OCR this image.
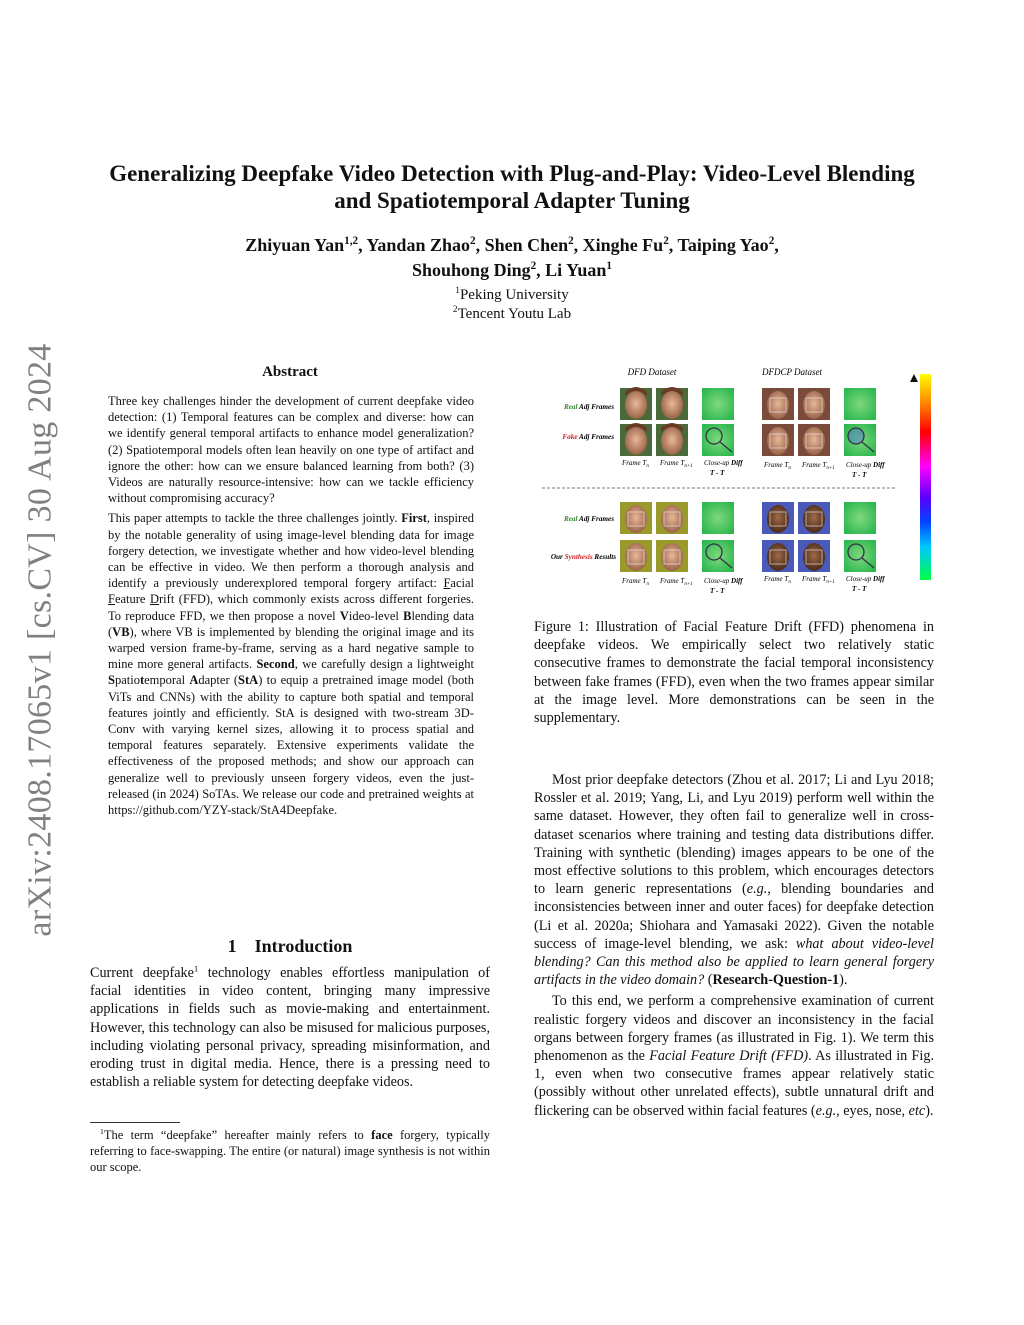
arXiv:2408.17065v1 [cs.CV] 30 Aug 2024
Generalizing Deepfake Video Detection with Plug-and-Play: Video-Level Blending
and Spatiotemporal Adapter Tuning
Zhiyuan Yan$^{1,2}$, Yandan Zhao$^2$, Shen Chen$^2$, Xinghe Fu$^2$, Taiping Yao$^2$,
Shouhong Ding$^2$, Li Yuan$^1$
$^1$Peking University
$^2$Tencent Youtu Lab
Abstract

Three key challenges hinder the development of current deepfake video detection: (1) Temporal features can be complex and diverse: how can we identify general temporal artifacts to enhance model generalization? (2) Spatiotemporal models often lean heavily on one type of artifact and ignore the other: how can we ensure balanced learning from both? (3) Videos are naturally resource-intensive: how can we tackle efficiency without compromising accuracy?

This paper attempts to tackle the three challenges jointly. First, inspired by the notable generality of using image-level blending data for image forgery detection, we investigate whether and how video-level blending can be effective in video. We then perform a thorough analysis and identify a previously underexplored temporal forgery artifact: Facial Feature Drift (FFD), which commonly exists across different forgeries. To reproduce FFD, we then propose a novel Video-level Blending data (VB), where VB is implemented by blending the original image and its warped version frame-by-frame, serving as a hard negative sample to mine more general artifacts. Second, we carefully design a lightweight Spatiotemporal Adapter (StA) to equip a pretrained image model (both ViTs and CNNs) with the ability to capture both spatial and temporal features jointly and efficiently. StA is designed with two-stream 3D-Conv with varying kernel sizes, allowing it to process spatial and temporal features separately. Extensive experiments validate the effectiveness of the proposed methods; and show our approach can generalize well to previously unseen forgery videos, even the just-released (in 2024) SoTAs. We release our code and pretrained weights at https://github.com/YZY-stack/StA4Deepfake.

1    Introduction

Current deepfake$^1$ technology enables effortless manipulation of facial identities in video content, bringing many impressive applications in fields such as movie-making and entertainment. However, this technology can also be misused for malicious purposes, including violating personal privacy, spreading misinformation, and eroding trust in digital media. Hence, there is a pressing need to establish a reliable system for detecting deepfake videos.

$^1$The term “deepfake” hereafter mainly refers to face forgery, typically referring to face-swapping. The entire (or natural) image synthesis is not within our scope.

DFD Dataset	DFDCP Dataset
Real Adj Frames
Fake Adj Frames
Real Adj Frames
Our Synthesis Results
Frame $T_n$ Frame $T_{n+1}$ Close-up Diff
T - T
Frame $T_n$ Frame $T_{n+1}$ Close-up Diff
T - T
Frame $T_n$ Frame $T_{n+1}$ Close-up Diff
T - T
Frame $T_n$ Frame $T_{n+1}$ Close-up Diff
T - T

Figure 1: Illustration of Facial Feature Drift (FFD) phenomena in deepfake videos. We empirically select two relatively static consecutive frames to demonstrate the facial temporal inconsistency between fake frames (FFD), even when the two frames appear similar at the image level. More demonstrations can be seen in the supplementary.

Most prior deepfake detectors (Zhou et al. 2017; Li and Lyu 2018; Rossler et al. 2019; Yang, Li, and Lyu 2019) perform well within the same dataset. However, they often fail to generalize well in cross-dataset scenarios where training and testing data distributions differ. Training with synthetic (blending) images appears to be one of the most effective solutions to this problem, which encourages detectors to learn generic representations (e.g., blending boundaries and inconsistencies between inner and outer faces) for deepfake detection (Li et al. 2020a; Shiohara and Yamasaki 2022). Given the notable success of image-level blending, we ask: what about video-level blending? Can this method also be applied to learn general forgery artifacts in the video domain? (Research-Question-1).

To this end, we perform a comprehensive examination of current realistic forgery videos and discover an inconsistency in the facial organs between forgery frames (as illustrated in Fig. 1). We term this phenomenon as the Facial Feature Drift (FFD). As illustrated in Fig. 1, even when two consecutive frames appear relatively static (possibly without other unrelated effects), subtle unnatural drift and flickering can be observed within facial features (e.g., eyes, nose, etc).
